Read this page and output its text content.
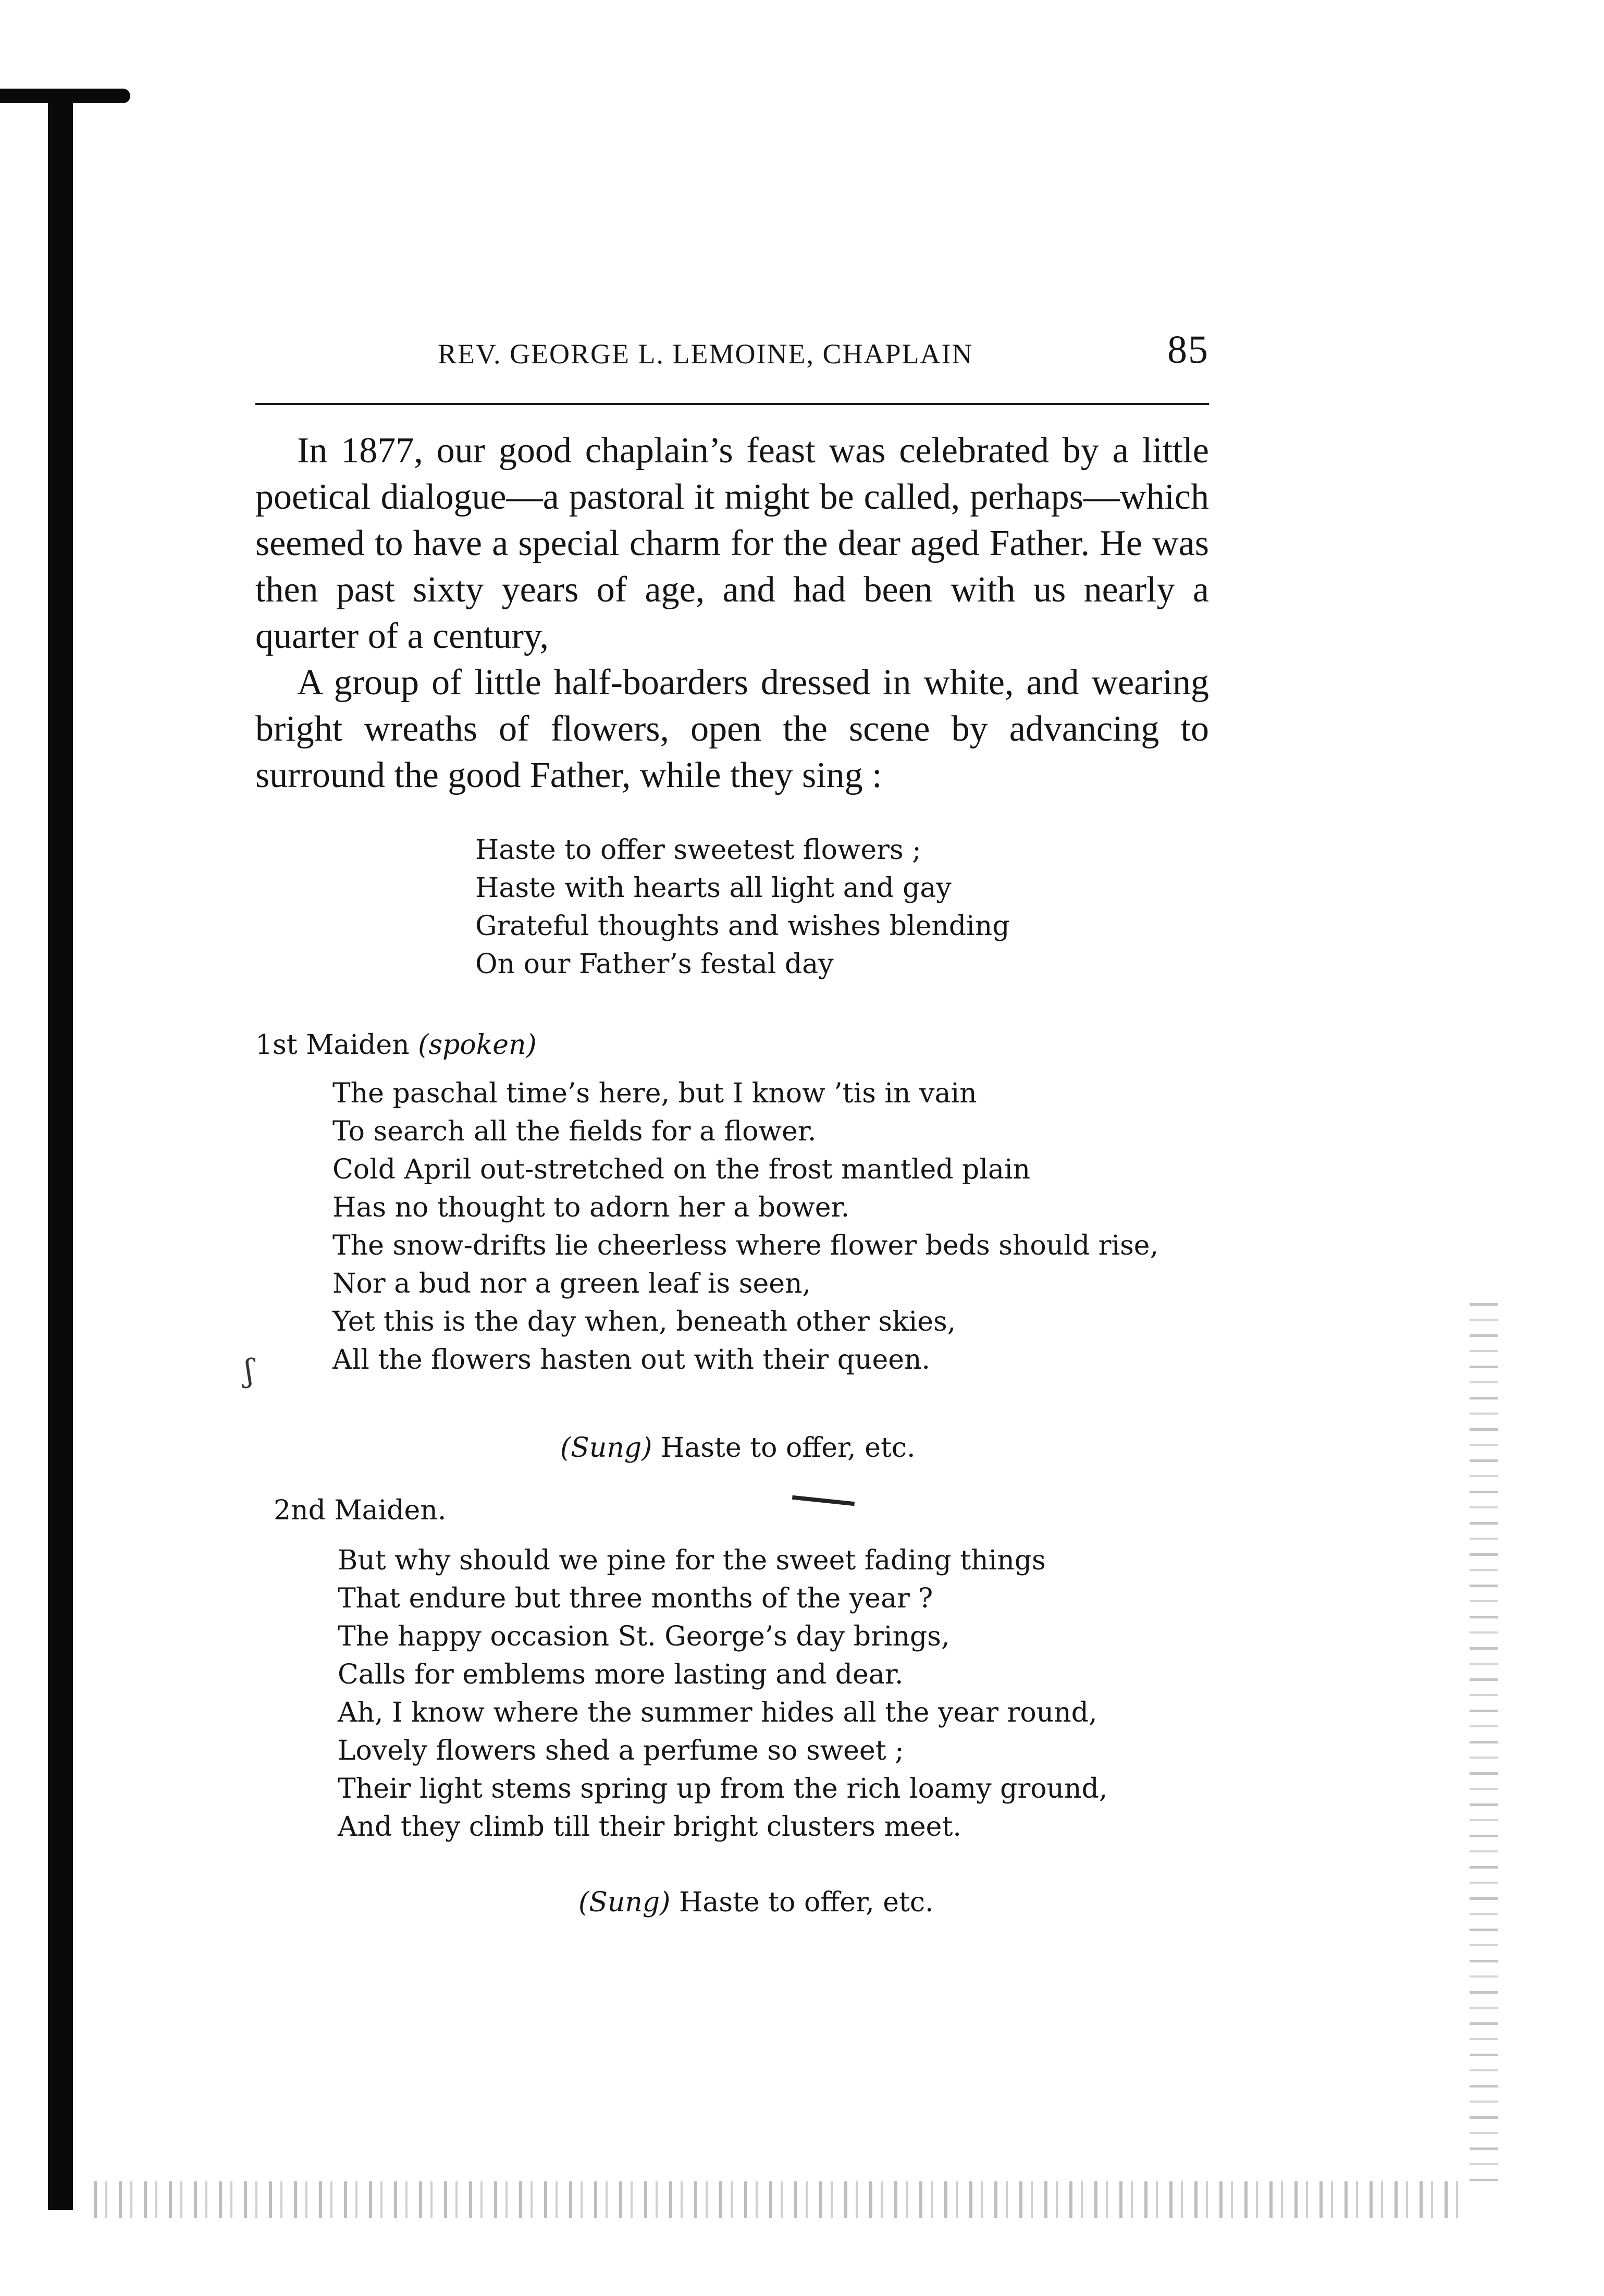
REV. GEORGE L. LEMOINE, CHAPLAIN	85

In 1877, our good chaplain’s feast was celebrated by a little poetical dialogue—a pastoral it might be called, perhaps—which seemed to have a special charm for the dear aged Father. He was then past sixty years of age, and had been with us nearly a quarter of a century,

A group of little half-boarders dressed in white, and wearing bright wreaths of flowers, open the scene by advancing to surround the good Father, while they sing :

Haste to offer sweetest flowers ;
Haste with hearts all light and gay
Grateful thoughts and wishes blending
On our Father’s festal day
1st Maiden (spoken)
The paschal time’s here, but I know ’tis in vain
To search all the fields for a flower.
Cold April out-stretched on the frost mantled plain
Has no thought to adorn her a bower.
The snow-drifts lie cheerless where flower beds should rise,
Nor a bud nor a green leaf is seen,
Yet this is the day when, beneath other skies,
All the flowers hasten out with their queen.
(Sung) Haste to offer, etc.
2nd Maiden.
But why should we pine for the sweet fading things
That endure but three months of the year ?
The happy occasion St. George’s day brings,
Calls for emblems more lasting and dear.
Ah, I know where the summer hides all the year round,
Lovely flowers shed a perfume so sweet ;
Their light stems spring up from the rich loamy ground,
And they climb till their bright clusters meet.
(Sung) Haste to offer, etc.
ʃ
